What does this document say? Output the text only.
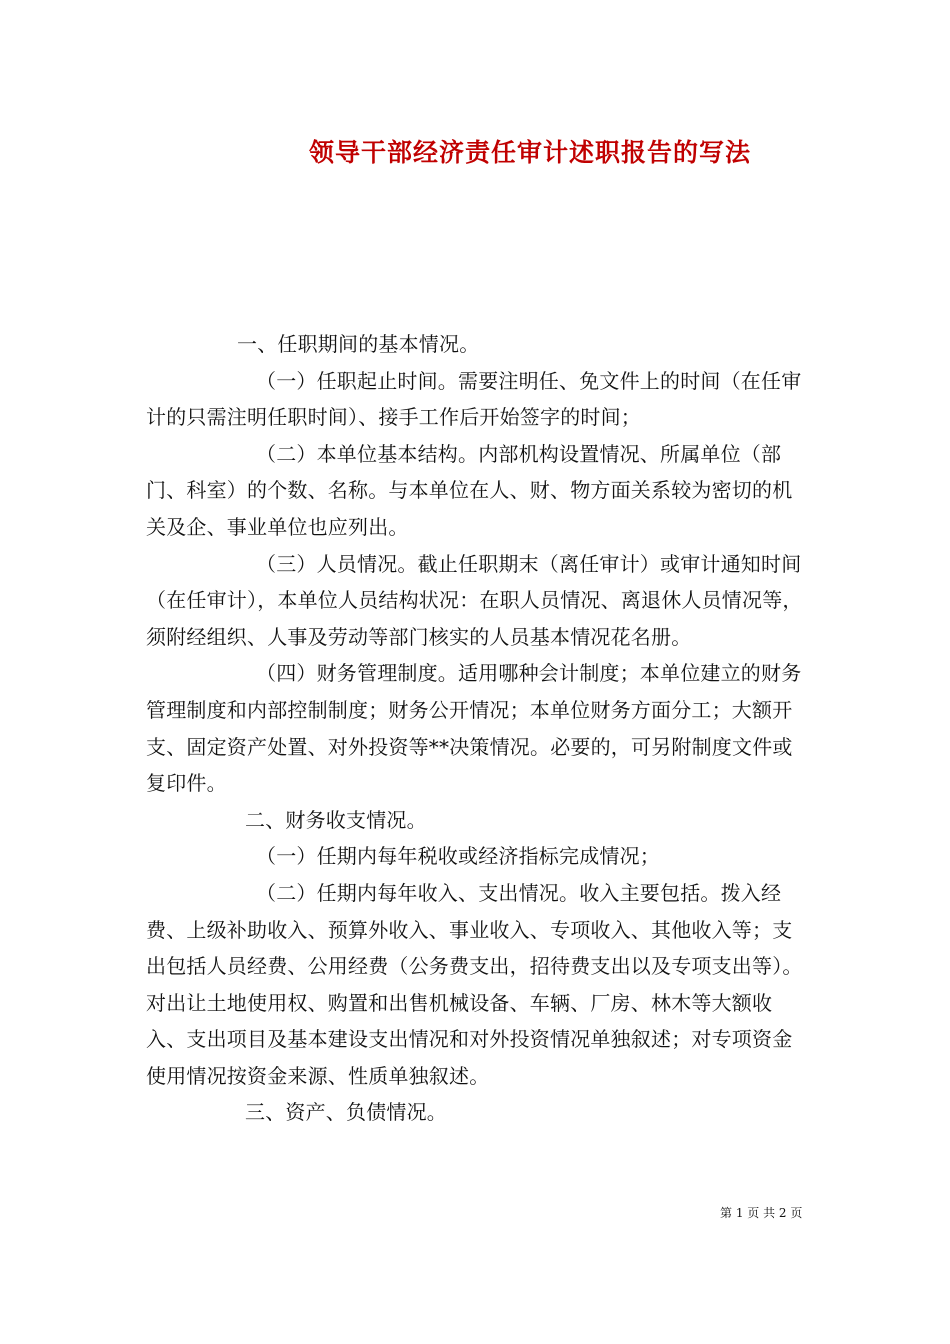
领导干部经济责任审计述职报告的写法

一、任职期间的基本情况。

（一）任职起止时间。需要注明任、免文件上的时间（在任审计的只需注明任职时间）、接手工作后开始签字的时间；

（二）本单位基本结构。内部机构设置情况、所属单位（部门、科室）的个数、名称。与本单位在人、财、物方面关系较为密切的机关及企、事业单位也应列出。

（三）人员情况。截止任职期末（离任审计）或审计通知时间（在任审计），本单位人员结构状况：在职人员情况、离退休人员情况等，须附经组织、人事及劳动等部门核实的人员基本情况花名册。

（四）财务管理制度。适用哪种会计制度；本单位建立的财务管理制度和内部控制制度；财务公开情况；本单位财务方面分工；大额开支、固定资产处置、对外投资等**决策情况。必要的，可另附制度文件或复印件。

二、财务收支情况。

（一）任期内每年税收或经济指标完成情况；

（二）任期内每年收入、支出情况。收入主要包括。拨入经费、上级补助收入、预算外收入、事业收入、专项收入、其他收入等；支出包括人员经费、公用经费（公务费支出，招待费支出以及专项支出等）。对出让土地使用权、购置和出售机械设备、车辆、厂房、林木等大额收入、支出项目及基本建设支出情况和对外投资情况单独叙述；对专项资金使用情况按资金来源、性质单独叙述。

三、资产、负债情况。

第 1 页 共 2 页
